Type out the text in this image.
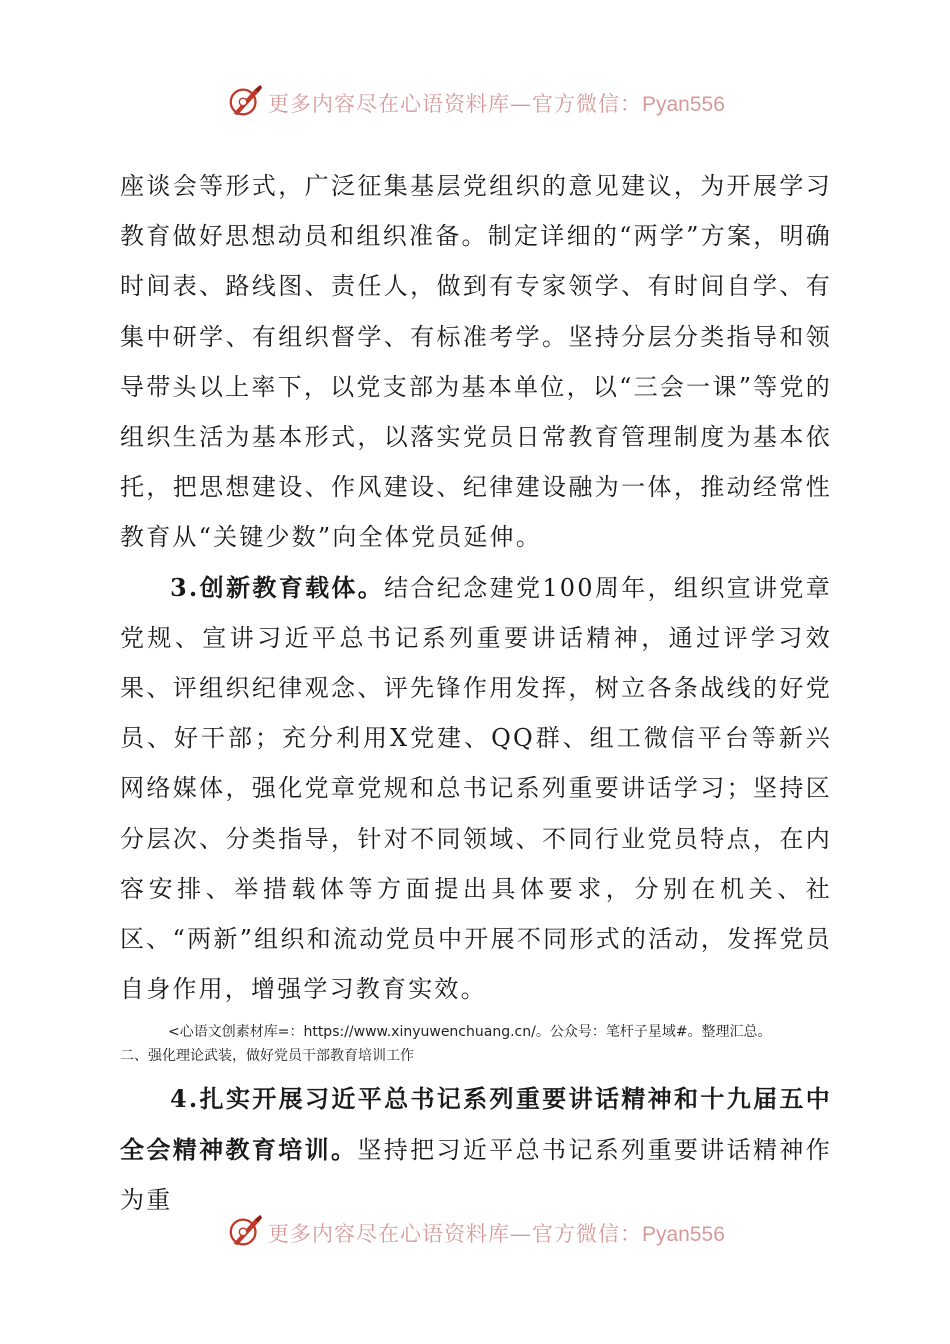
更多内容尽在心语资料库—官方微信：Pyan556

座谈会等形式，广泛征集基层党组织的意见建议，为开展学习教育做好思想动员和组织准备。制定详细的“两学”方案，明确时间表、路线图、责任人，做到有专家领学、有时间自学、有集中研学、有组织督学、有标准考学。坚持分层分类指导和领导带头以上率下，以党支部为基本单位，以“三会一课”等党的组织生活为基本形式，以落实党员日常教育管理制度为基本依托，把思想建设、作风建设、纪律建设融为一体，推动经常性教育从“关键少数”向全体党员延伸。

3.创新教育载体。结合纪念建党100周年，组织宣讲党章党规、宣讲习近平总书记系列重要讲话精神，通过评学习效果、评组织纪律观念、评先锋作用发挥，树立各条战线的好党员、好干部；充分利用X党建、QQ群、组工微信平台等新兴网络媒体，强化党章党规和总书记系列重要讲话学习；坚持区分层次、分类指导，针对不同领域、不同行业党员特点，在内容安排、举措载体等方面提出具体要求，分别在机关、社区、“两新”组织和流动党员中开展不同形式的活动，发挥党员自身作用，增强学习教育实效。

<心语文创素材库=：https://www.xinyuwenchuang.cn/。公众号：笔杆子星域#。整理汇总。
二、强化理论武装，做好党员干部教育培训工作

4.扎实开展习近平总书记系列重要讲话精神和十九届五中全会精神教育培训。坚持把习近平总书记系列重要讲话精神作为重

更多内容尽在心语资料库—官方微信：Pyan556
